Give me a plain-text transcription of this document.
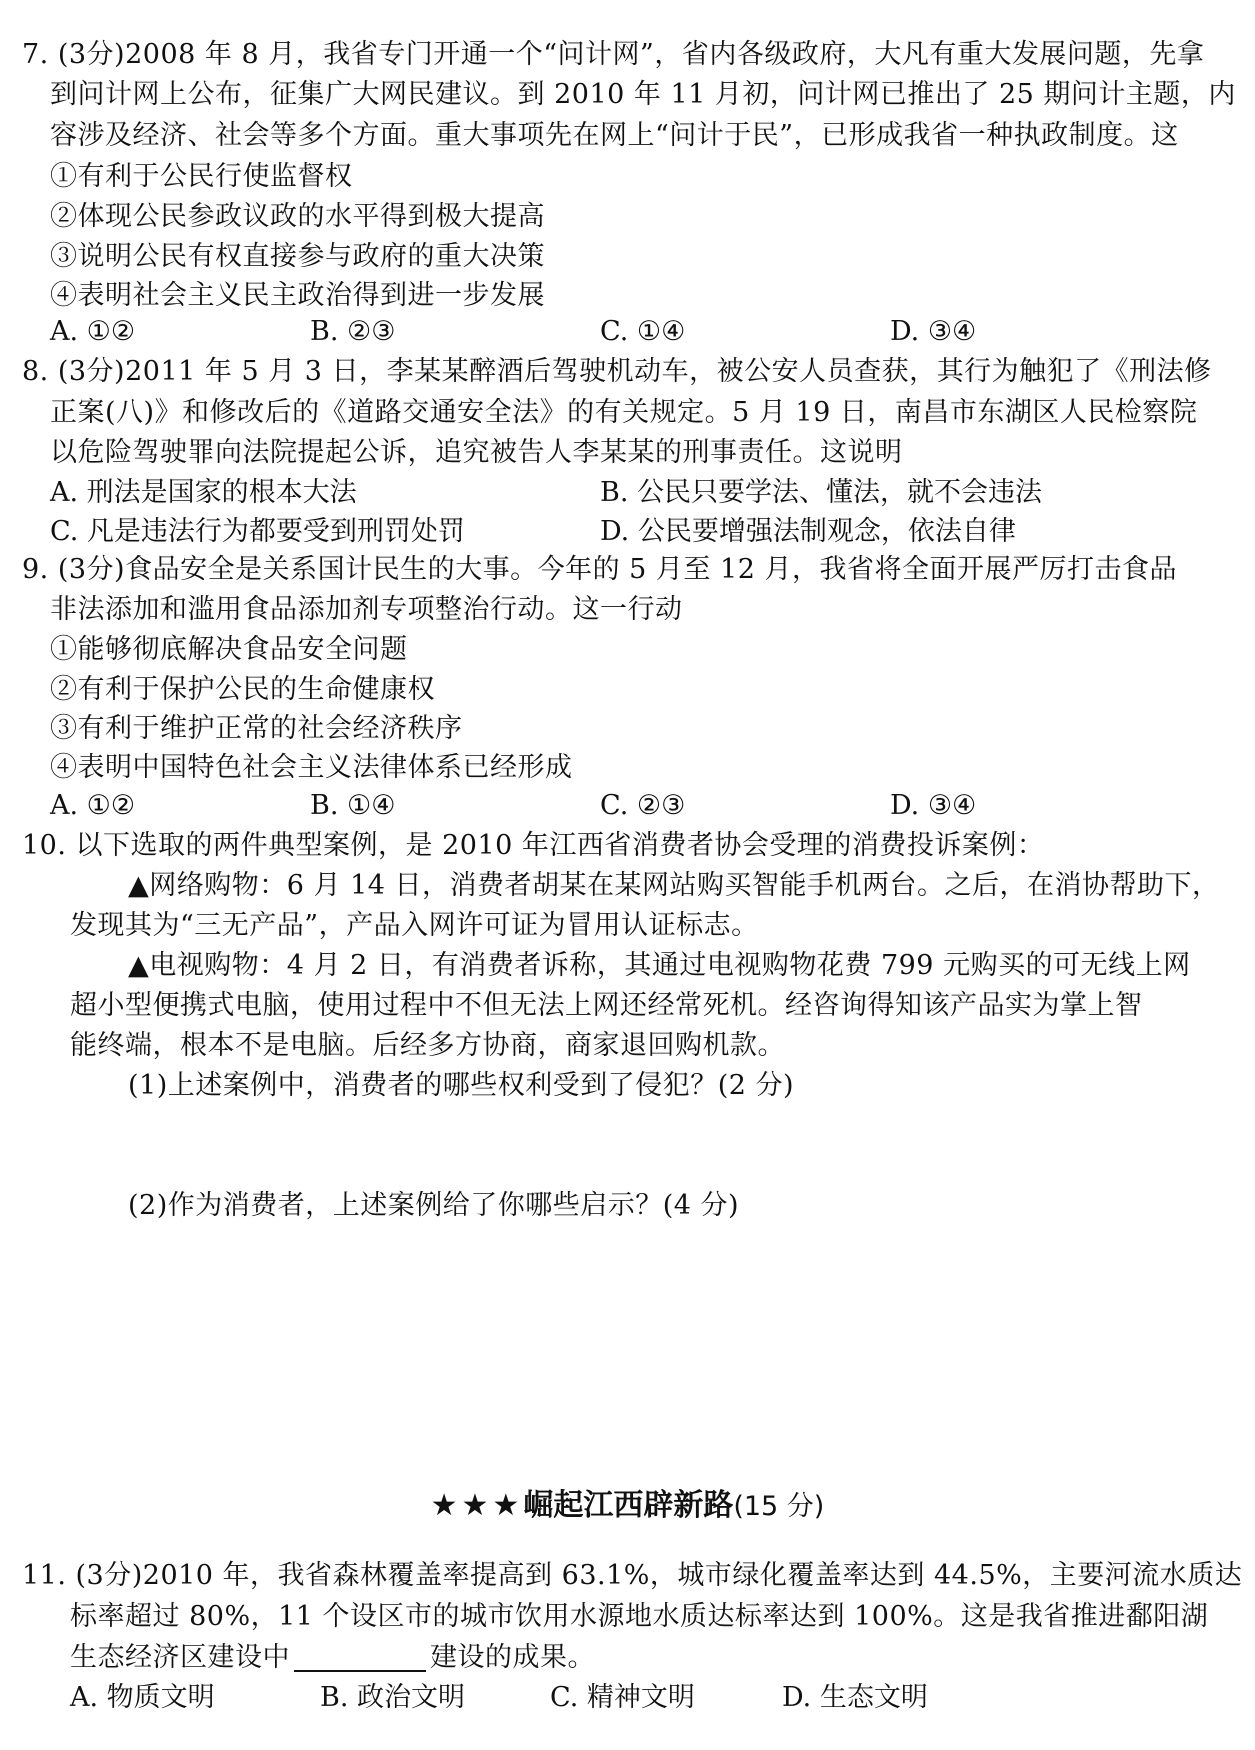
7. (3分)2008 年 8 月，我省专门开通一个“问计网”，省内各级政府，大凡有重大发展问题，先拿
到问计网上公布，征集广大网民建议。到 2010 年 11 月初，问计网已推出了 25 期问计主题，内
容涉及经济、社会等多个方面。重大事项先在网上“问计于民”，已形成我省一种执政制度。这
①有利于公民行使监督权
②体现公民参政议政的水平得到极大提高
③说明公民有权直接参与政府的重大决策
④表明社会主义民主政治得到进一步发展
A. ①②	B. ②③	C. ①④	D. ③④
8. (3分)2011 年 5 月 3 日，李某某醉酒后驾驶机动车，被公安人员查获，其行为触犯了《刑法修
正案(八)》和修改后的《道路交通安全法》的有关规定。5 月 19 日，南昌市东湖区人民检察院
以危险驾驶罪向法院提起公诉，追究被告人李某某的刑事责任。这说明
A. 刑法是国家的根本大法	B. 公民只要学法、懂法，就不会违法
C. 凡是违法行为都要受到刑罚处罚	D. 公民要增强法制观念，依法自律
9. (3分)食品安全是关系国计民生的大事。今年的 5 月至 12 月，我省将全面开展严厉打击食品
非法添加和滥用食品添加剂专项整治行动。这一行动
①能够彻底解决食品安全问题
②有利于保护公民的生命健康权
③有利于维护正常的社会经济秩序
④表明中国特色社会主义法律体系已经形成
A. ①②	B. ①④	C. ②③	D. ③④
10. 以下选取的两件典型案例，是 2010 年江西省消费者协会受理的消费投诉案例：
▲网络购物：6 月 14 日，消费者胡某在某网站购买智能手机两台。之后，在消协帮助下，
发现其为“三无产品”，产品入网许可证为冒用认证标志。
▲电视购物：4 月 2 日，有消费者诉称，其通过电视购物花费 799 元购买的可无线上网
超小型便携式电脑，使用过程中不但无法上网还经常死机。经咨询得知该产品实为掌上智
能终端，根本不是电脑。后经多方协商，商家退回购机款。
(1)上述案例中，消费者的哪些权利受到了侵犯？(2 分)
(2)作为消费者，上述案例给了你哪些启示？(4 分)
★★★崛起江西辟新路(15 分)
11. (3分)2010 年，我省森林覆盖率提高到 63.1%，城市绿化覆盖率达到 44.5%，主要河流水质达
标率超过 80%，11 个设区市的城市饮用水源地水质达标率达到 100%。这是我省推进鄱阳湖
生态经济区建设中	建设的成果。
A. 物质文明	B. 政治文明	C. 精神文明	D. 生态文明
